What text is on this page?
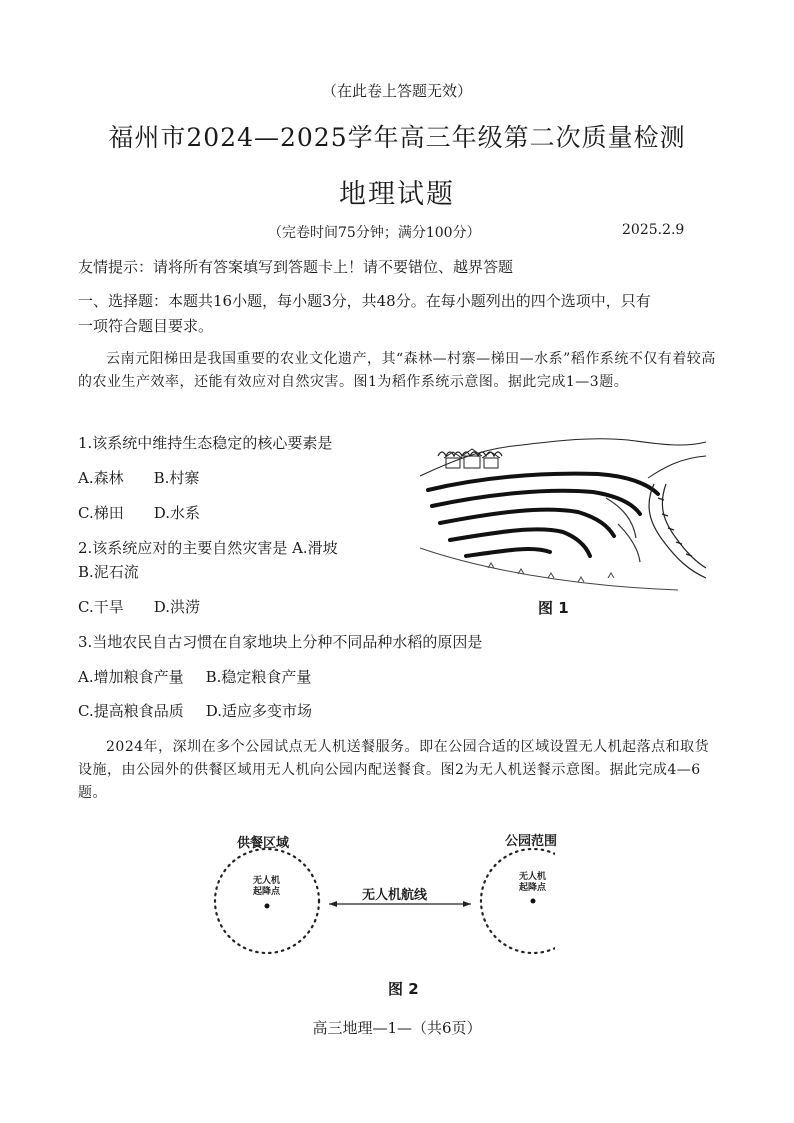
（在此卷上答题无效）
福州市2024—2025学年高三年级第二次质量检测
地理试题
（完卷时间75分钟；满分100分）	2025.2.9
友情提示：请将所有答案填写到答题卡上！请不要错位、越界答题
一、选择题：本题共16小题，每小题3分，共48分。在每小题列出的四个选项中，只有
一项符合题目要求。
云南元阳梯田是我国重要的农业文化遗产，其“森林—村寨—梯田—水系”稻作系统不仅有着较高的农业生产效率，还能有效应对自然灾害。图1为稻作系统示意图。据此完成1—3题。
1.该系统中维持生态稳定的核心要素是
A.森林 B.村寨
C.梯田 D.水系
2.该系统应对的主要自然灾害是 A.滑坡
B.泥石流
C.干旱 D.洪涝
3.当地农民自古习惯在自家地块上分种不同品种水稻的原因是
A.增加粮食产量 B.稳定粮食产量
C.提高粮食品质 D.适应多变市场
图 1
2024年，深圳在多个公园试点无人机送餐服务。即在公园合适的区域设置无人机起落点和取货设施，由公园外的供餐区域用无人机向公园内配送餐食。图2为无人机送餐示意图。据此完成4—6题。
供餐区域	公园范围
无人机
起降点
无人机
起降点
无人机航线
图 2
高三地理—1—（共6页）
